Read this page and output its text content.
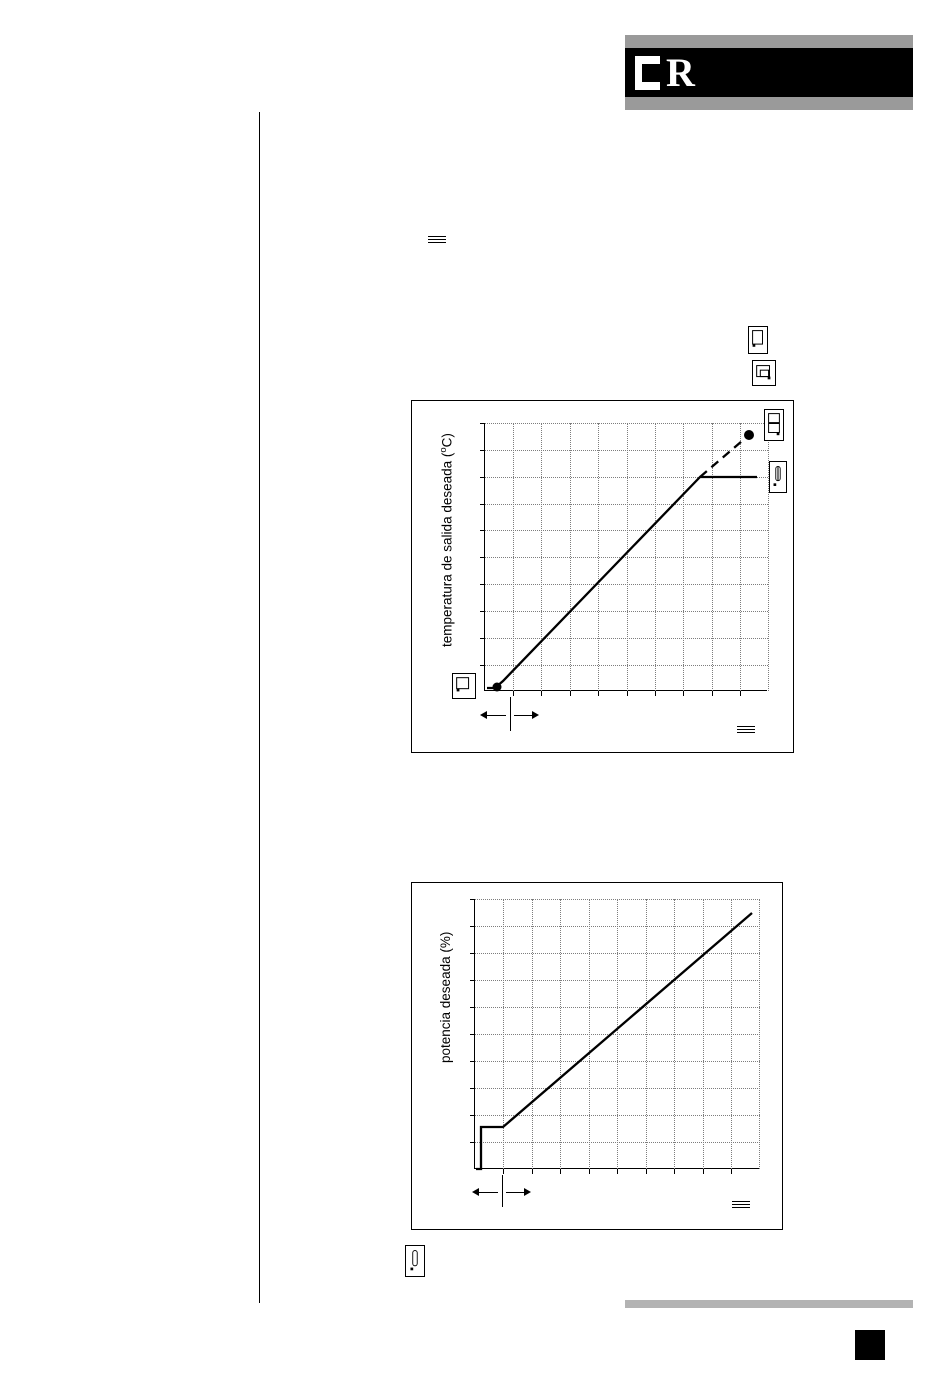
R
temperatura de salida deseada ($^o$C)
potencia deseada (%)
